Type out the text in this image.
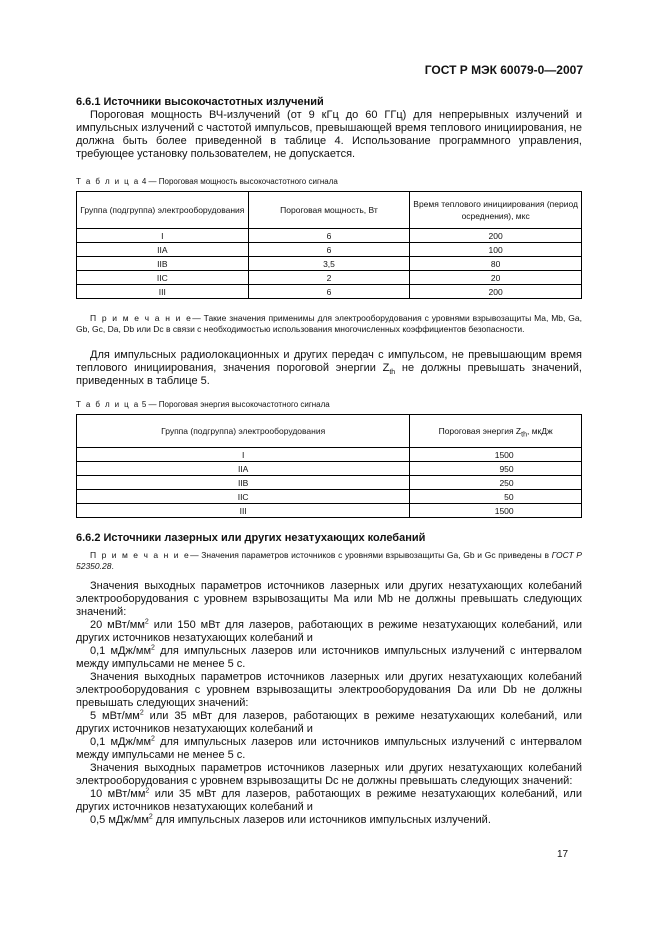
ГОСТ Р МЭК 60079-0—2007

6.6.1 Источники высокочастотных излучений

Пороговая мощность ВЧ-излучений (от 9 кГц до 60 ГГц) для непрерывных излучений и импульсных излучений с частотой импульсов, превышающей время теплового инициирования, не должна быть более приведенной в таблице 4. Использование программного управления, требующее установку пользователем, не допускается.

Т а б л и ц а 4 — Пороговая мощность высокочастотного сигнала

Группа (подгруппа) электрооборудования	Пороговая мощность, Вт	Время теплового инициирования (период осреднения), мкс
I	6	200
IIA	6	100
IIB	3,5	80
IIC	2	20
III	6	200

П р и м е ч а н и е— Такие значения применимы для электрооборудования с уровнями взрывозащиты Ma, Mb, Ga, Gb, Gc, Da, Db или Dc в связи с необходимостью использования многочисленных коэффициентов безопасности.

Для импульсных радиолокационных и других передач с импульсом, не превышающим время теплового инициирования, значения пороговой энергии $Z_{th}$ не должны превышать значений, приведенных в таблице 5.

Т а б л и ц а 5 — Пороговая энергия высокочастотного сигнала

Группа (подгруппа) электрооборудования	Пороговая энергия $Z_{th}$, мкДж
I	1500
IIA	950
IIB	250
IIC	50
III	1500

6.6.2 Источники лазерных или других незатухающих колебаний

П р и м е ч а н и е— Значения параметров источников с уровнями взрывозащиты Ga, Gb и Gc приведены в ГОСТ Р 52350.28.

Значения выходных параметров источников лазерных или других незатухающих колебаний электрооборудования с уровнем взрывозащиты Ma или Mb не должны превышать следующих значений:

20 мВт/$мм^2$ или 150 мВт для лазеров, работающих в режиме незатухающих колебаний, или других источников незатухающих колебаний и

0,1 мДж/$мм^2$ для импульсных лазеров или источников импульсных излучений с интервалом между импульсами не менее 5 с.

Значения выходных параметров источников лазерных или других незатухающих колебаний электрооборудования с уровнем взрывозащиты электрооборудования Da или Db не должны превышать следующих значений:

5 мВт/$мм^2$ или 35 мВт для лазеров, работающих в режиме незатухающих колебаний, или других источников незатухающих колебаний и

0,1 мДж/$мм^2$ для импульсных лазеров или источников импульсных излучений с интервалом между импульсами не менее 5 с.

Значения выходных параметров источников лазерных или других незатухающих колебаний электрооборудования с уровнем взрывозащиты Dc не должны превышать следующих значений:

10 мВт/$мм^2$ или 35 мВт для лазеров, работающих в режиме незатухающих колебаний, или других источников незатухающих колебаний и

0,5 мДж/$мм^2$ для импульсных лазеров или источников импульсных излучений.

17
